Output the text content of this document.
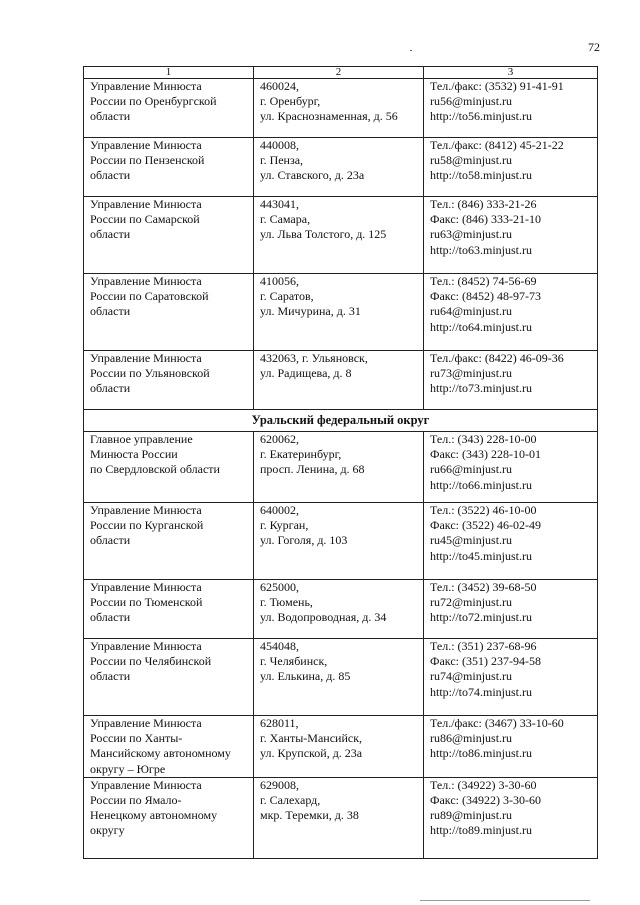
72
1	2	3

Управление Минюста
России по Оренбургской
области	460024,
г. Оренбург,
ул. Краснознаменная, д. 56	Тел./факс: (3532) 91-41-91
ru56@minjust.ru
http://to56.minjust.ru

Управление Минюста
России по Пензенской
области	440008,
г. Пенза,
ул. Ставского, д. 23а	Тел./факс: (8412) 45-21-22
ru58@minjust.ru
http://to58.minjust.ru

Управление Минюста
России по Самарской
области	443041,
г. Самара,
ул. Льва Толстого, д. 125	Тел.: (846) 333-21-26
Факс: (846) 333-21-10
ru63@minjust.ru
http://to63.minjust.ru

Управление Минюста
России по Саратовской
области	410056,
г. Саратов,
ул. Мичурина, д. 31	Тел.: (8452) 74-56-69
Факс: (8452) 48-97-73
ru64@minjust.ru
http://to64.minjust.ru

Управление Минюста
России по Ульяновской
области	432063, г. Ульяновск,
ул. Радищева, д. 8	Тел./факс: (8422) 46-09-36
ru73@minjust.ru
http://to73.minjust.ru

Уральский федеральный округ		

Главное управление
Минюста России
по Свердловской области	620062,
г. Екатеринбург,
просп. Ленина, д. 68	Тел.: (343) 228-10-00
Факс: (343) 228-10-01
ru66@minjust.ru
http://to66.minjust.ru

Управление Минюста
России по Курганской
области	640002,
г. Курган,
ул. Гоголя, д. 103	Тел.: (3522) 46-10-00
Факс: (3522) 46-02-49
ru45@minjust.ru
http://to45.minjust.ru

Управление Минюста
России по Тюменской
области	625000,
г. Тюмень,
ул. Водопроводная, д. 34	Тел.: (3452) 39-68-50
ru72@minjust.ru
http://to72.minjust.ru

Управление Минюста
России по Челябинской
области	454048,
г. Челябинск,
ул. Елькина, д. 85	Тел.: (351) 237-68-96
Факс: (351) 237-94-58
ru74@minjust.ru
http://to74.minjust.ru

Управление Минюста
России по Ханты-
Мансийскому автономному
округу – Югре	628011,
г. Ханты-Мансийск,
ул. Крупской, д. 23а	Тел./факс: (3467) 33-10-60
ru86@minjust.ru
http://to86.minjust.ru

Управление Минюста
России по Ямало-
Ненецкому автономному
округу	629008,
г. Салехард,
мкр. Теремки, д. 38	Тел.: (34922) 3-30-60
Факс: (34922) 3-30-60
ru89@minjust.ru
http://to89.minjust.ru
